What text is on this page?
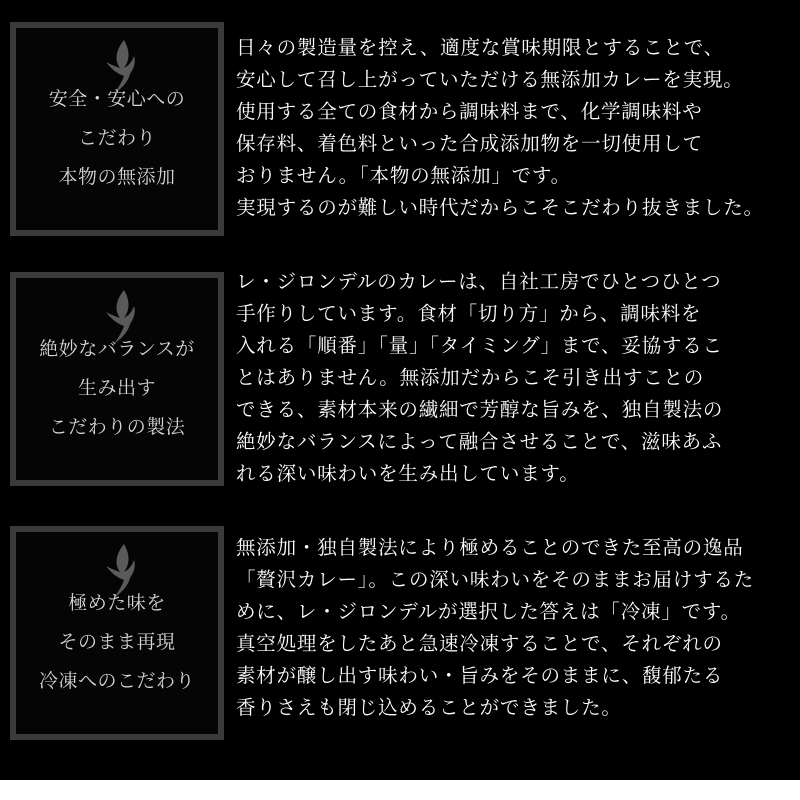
安全・安心への
こだわり
本物の無添加
日々の製造量を控え、適度な賞味期限とすることで、
安心して召し上がっていただける無添加カレーを実現。
使用する全ての食材から調味料まで、化学調味料や
保存料、着色料といった合成添加物を一切使用して
おりません。「本物の無添加」です。
実現するのが難しい時代だからこそこだわり抜きました。
絶妙なバランスが
生み出す
こだわりの製法
レ・ジロンデルのカレーは、自社工房でひとつひとつ
手作りしています。食材「切り方」から、調味料を
入れる「順番」「量」「タイミング」まで、妥協するこ
とはありません。無添加だからこそ引き出すことの
できる、素材本来の繊細で芳醇な旨みを、独自製法の
絶妙なバランスによって融合させることで、滋味あふ
れる深い味わいを生み出しています。
極めた味を
そのまま再現
冷凍へのこだわり
無添加・独自製法により極めることのできた至高の逸品
「贅沢カレー」。この深い味わいをそのままお届けするた
めに、レ・ジロンデルが選択した答えは「冷凍」です。
真空処理をしたあと急速冷凍することで、それぞれの
素材が醸し出す味わい・旨みをそのままに、馥郁たる
香りさえも閉じ込めることができました。
